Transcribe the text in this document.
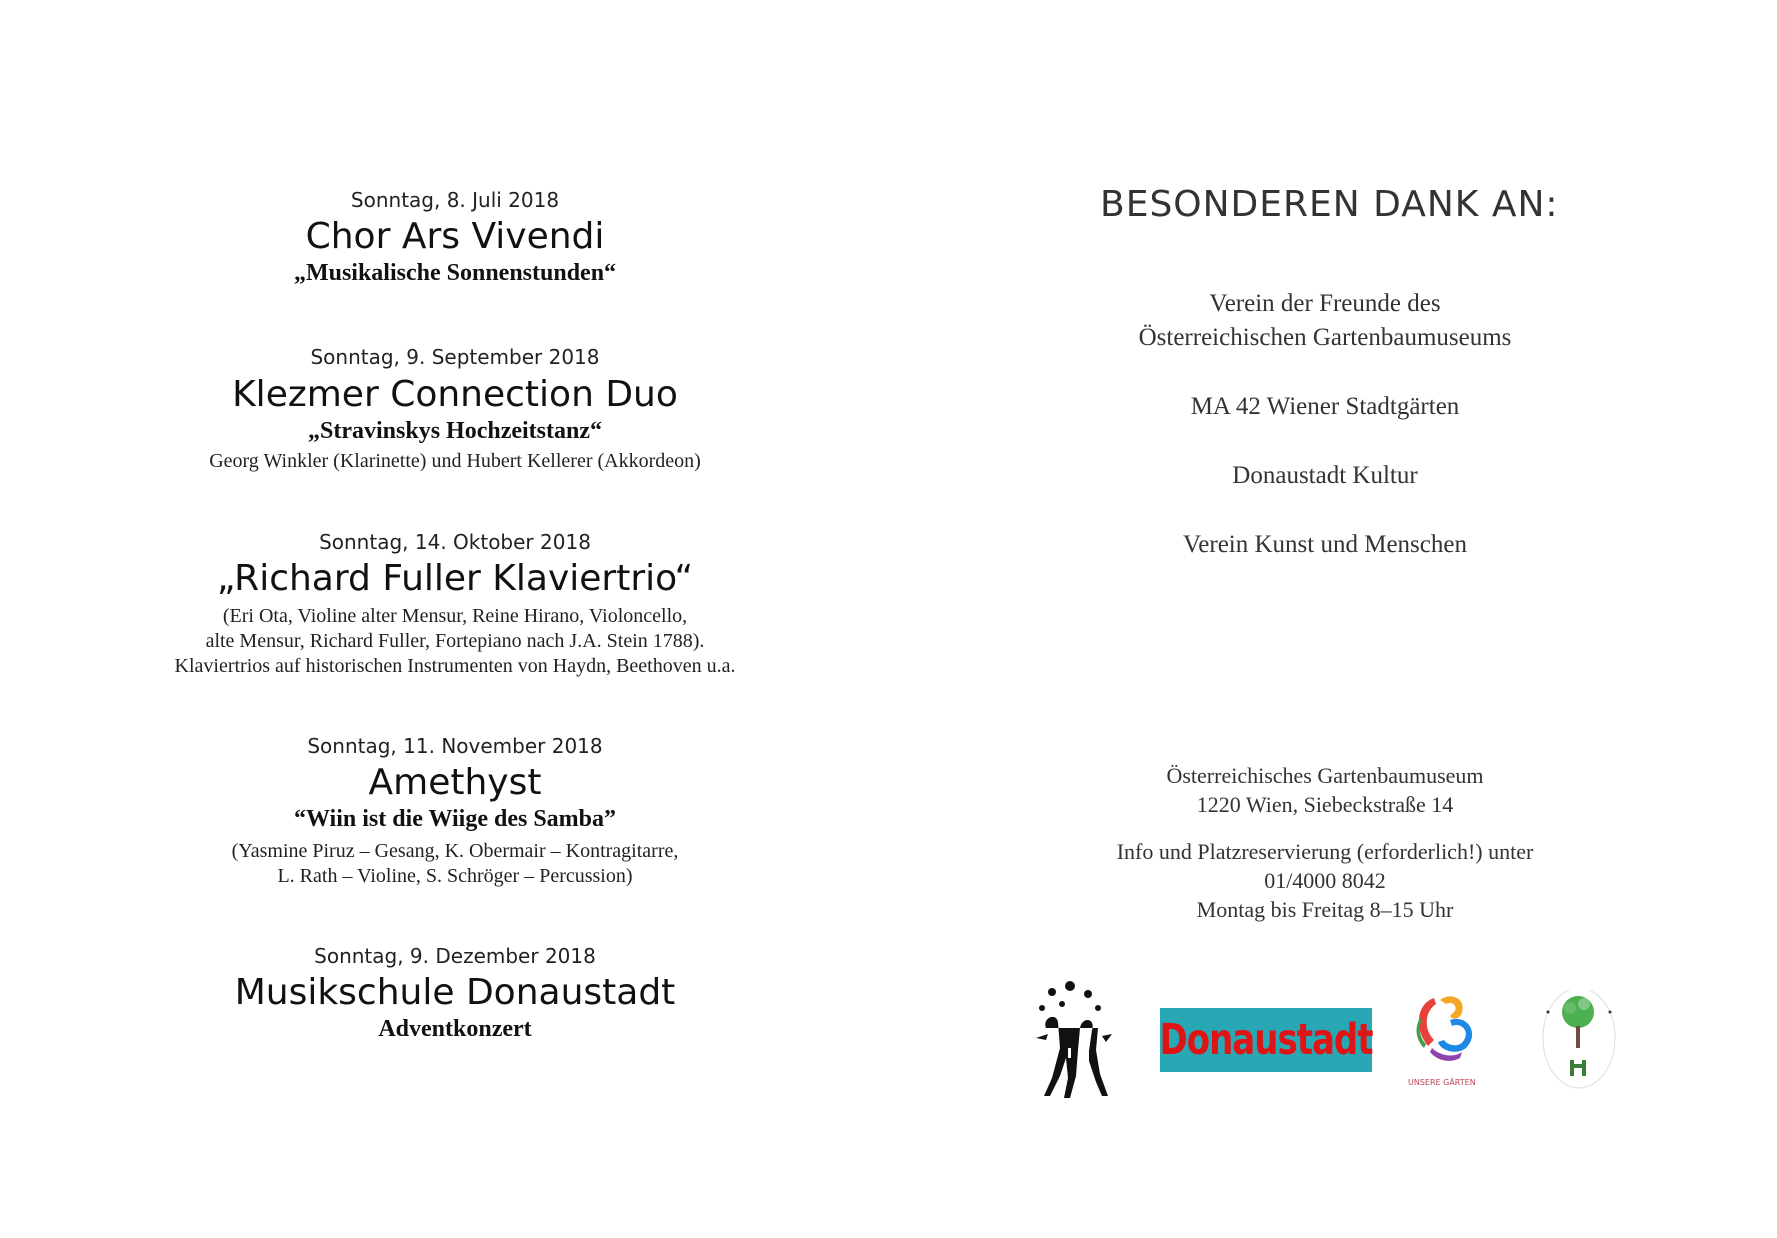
Sonntag, 8. Juli 2018
Chor Ars Vivendi
„Musikalische Sonnenstunden“
Sonntag, 9. September 2018
Klezmer Connection Duo
„Stravinskys Hochzeitstanz“
Georg Winkler (Klarinette) und Hubert Kellerer (Akkordeon)
Sonntag, 14. Oktober 2018
„Richard Fuller Klaviertrio“
(Eri Ota, Violine alter Mensur, Reine Hirano, Violoncello,
alte Mensur, Richard Fuller, Fortepiano nach J.A. Stein 1788).
Klaviertrios auf historischen Instrumenten von Haydn, Beethoven u.a.
Sonntag, 11. November 2018
Amethyst
“Wiin ist die Wiige des Samba”
(Yasmine Piruz – Gesang, K. Obermair – Kontragitarre,
L. Rath – Violine, S. Schröger – Percussion)
Sonntag, 9. Dezember 2018
Musikschule Donaustadt
Adventkonzert
BESONDEREN DANK AN:
Verein der Freunde des
Österreichischen Gartenbaumuseums
MA 42 Wiener Stadtgärten
Donaustadt Kultur
Verein Kunst und Menschen
Österreichisches Gartenbaumuseum
1220 Wien, Siebeckstraße 14
Info und Platzreservierung (erforderlich!) unter
01/4000 8042
Montag bis Freitag 8–15 Uhr
Donaustadt
UNSERE GÄRTEN
